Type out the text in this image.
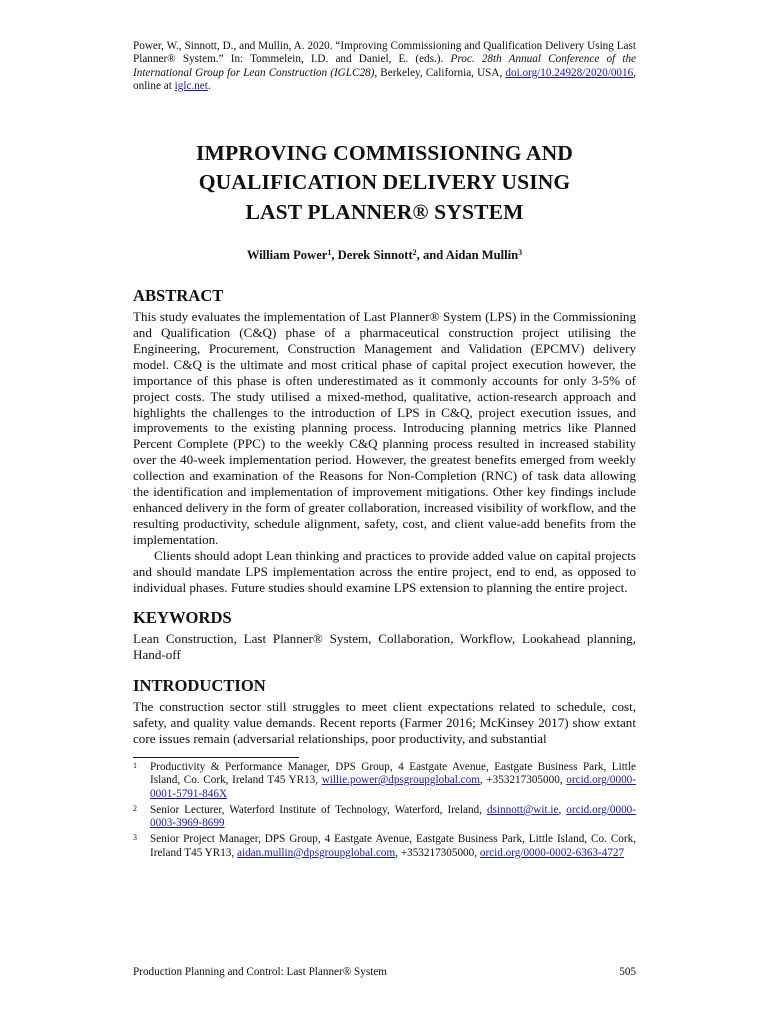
Power, W., Sinnott, D., and Mullin, A. 2020. “Improving Commissioning and Qualification Delivery Using Last Planner® System.” In: Tommelein, I.D. and Daniel, E. (eds.). Proc. 28th Annual Conference of the International Group for Lean Construction (IGLC28), Berkeley, California, USA, doi.org/10.24928/2020/0016, online at iglc.net.

IMPROVING COMMISSIONING AND
QUALIFICATION DELIVERY USING
LAST PLANNER® SYSTEM

William Power$^1$, Derek Sinnott$^2$, and Aidan Mullin$^3$

ABSTRACT

This study evaluates the implementation of Last Planner® System (LPS) in the Commissioning and Qualification (C&Q) phase of a pharmaceutical construction project utilising the Engineering, Procurement, Construction Management and Validation (EPCMV) delivery model. C&Q is the ultimate and most critical phase of capital project execution however, the importance of this phase is often underestimated as it commonly accounts for only 3-5% of project costs. The study utilised a mixed-method, qualitative, action-research approach and highlights the challenges to the introduction of LPS in C&Q, project execution issues, and improvements to the existing planning process. Introducing planning metrics like Planned Percent Complete (PPC) to the weekly C&Q planning process resulted in increased stability over the 40-week implementation period. However, the greatest benefits emerged from weekly collection and examination of the Reasons for Non-Completion (RNC) of task data allowing the identification and implementation of improvement mitigations. Other key findings include enhanced delivery in the form of greater collaboration, increased visibility of workflow, and the resulting productivity, schedule alignment, safety, cost, and client value-add benefits from the implementation.

Clients should adopt Lean thinking and practices to provide added value on capital projects and should mandate LPS implementation across the entire project, end to end, as opposed to individual phases. Future studies should examine LPS extension to planning the entire project.

KEYWORDS

Lean Construction, Last Planner® System, Collaboration, Workflow, Lookahead planning, Hand-off

INTRODUCTION

The construction sector still struggles to meet client expectations related to schedule, cost, safety, and quality value demands. Recent reports (Farmer 2016; McKinsey 2017) show extant core issues remain (adversarial relationships, poor productivity, and substantial

1	Productivity & Performance Manager, DPS Group, 4 Eastgate Avenue, Eastgate Business Park, Little Island, Co. Cork, Ireland T45 YR13, willie.power@dpsgroupglobal.com, +353217305000, orcid.org/0000-0001-5791-846X
2	Senior Lecturer, Waterford Institute of Technology, Waterford, Ireland, dsinnott@wit.ie, orcid.org/0000-0003-3969-8699
3	Senior Project Manager, DPS Group, 4 Eastgate Avenue, Eastgate Business Park, Little Island, Co. Cork, Ireland T45 YR13, aidan.mullin@dpsgroupglobal.com, +353217305000, orcid.org/0000-0002-6363-4727
Production Planning and Control: Last Planner® System	505
